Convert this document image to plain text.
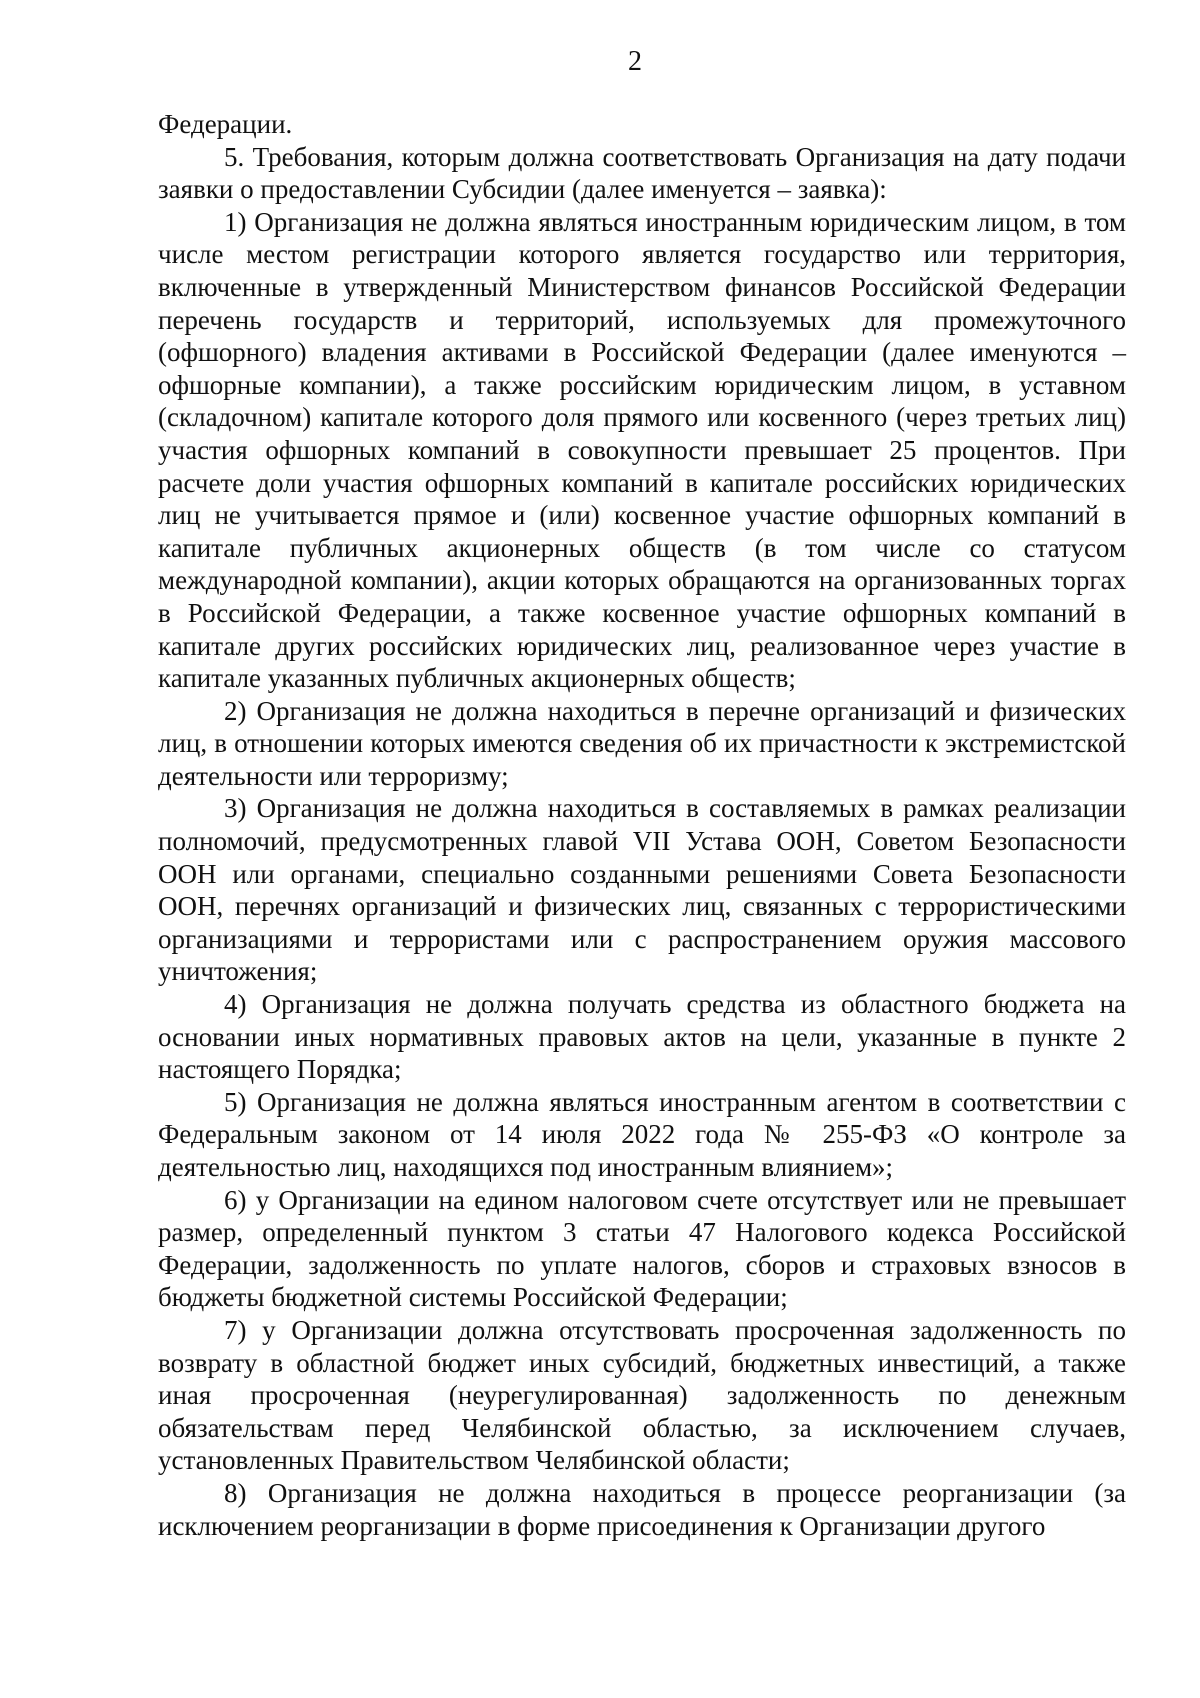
2

Федерации.

5. Требования, которым должна соответствовать Организация на дату подачи заявки о предоставлении Субсидии (далее именуется – заявка):

1) Организация не должна являться иностранным юридическим лицом, в том числе местом регистрации которого является государство или территория, включенные в утвержденный Министерством финансов Российской Федерации перечень государств и территорий, используемых для промежуточного (офшорного) владения активами в Российской Федерации (далее именуются – офшорные компании), а также российским юридическим лицом, в уставном (складочном) капитале которого доля прямого или косвенного (через третьих лиц) участия офшорных компаний в совокупности превышает 25 процентов. При расчете доли участия офшорных компаний в капитале российских юридических лиц не учитывается прямое и (или) косвенное участие офшорных компаний в капитале публичных акционерных обществ (в том числе со статусом международной компании), акции которых обращаются на организованных торгах в Российской Федерации, а также косвенное участие офшорных компаний в капитале других российских юридических лиц, реализованное через участие в капитале указанных публичных акционерных обществ;

2) Организация не должна находиться в перечне организаций и физических лиц, в отношении которых имеются сведения об их причастности к экстремистской деятельности или терроризму;

3) Организация не должна находиться в составляемых в рамках реализации полномочий, предусмотренных главой VII Устава ООН, Советом Безопасности ООН или органами, специально созданными решениями Совета Безопасности ООН, перечнях организаций и физических лиц, связанных с террористическими организациями и террористами или с распространением оружия массового уничтожения;

4) Организация не должна получать средства из областного бюджета на основании иных нормативных правовых актов на цели, указанные в пункте 2 настоящего Порядка;

5) Организация не должна являться иностранным агентом в соответствии с Федеральным законом от 14 июля 2022 года № 255-ФЗ «О контроле за деятельностью лиц, находящихся под иностранным влиянием»;

6) у Организации на едином налоговом счете отсутствует или не превышает размер, определенный пунктом 3 статьи 47 Налогового кодекса Российской Федерации, задолженность по уплате налогов, сборов и страховых взносов в бюджеты бюджетной системы Российской Федерации;

7) у Организации должна отсутствовать просроченная задолженность по возврату в областной бюджет иных субсидий, бюджетных инвестиций, а также иная просроченная (неурегулированная) задолженность по денежным обязательствам перед Челябинской областью, за исключением случаев, установленных Правительством Челябинской области;

8) Организация не должна находиться в процессе реорганизации (за исключением реорганизации в форме присоединения к Организации другого
